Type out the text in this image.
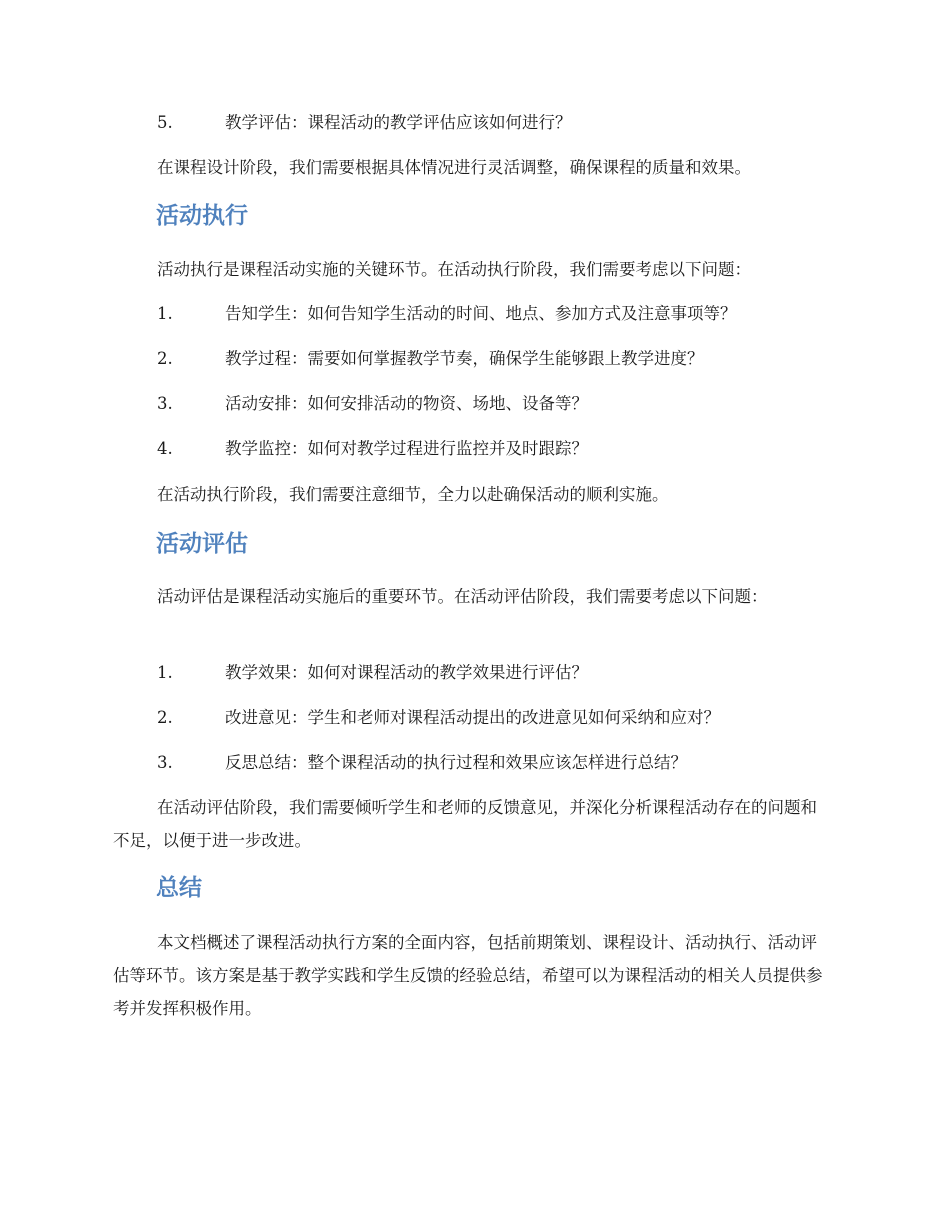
5.	教学评估：课程活动的教学评估应该如何进行？

在课程设计阶段，我们需要根据具体情况进行灵活调整，确保课程的质量和效果。

活动执行

活动执行是课程活动实施的关键环节。在活动执行阶段，我们需要考虑以下问题：

1.	告知学生：如何告知学生活动的时间、地点、参加方式及注意事项等？
2.	教学过程：需要如何掌握教学节奏，确保学生能够跟上教学进度？
3.	活动安排：如何安排活动的物资、场地、设备等？
4.	教学监控：如何对教学过程进行监控并及时跟踪？

在活动执行阶段，我们需要注意细节，全力以赴确保活动的顺利实施。

活动评估

活动评估是课程活动实施后的重要环节。在活动评估阶段，我们需要考虑以下问题：

1.	教学效果：如何对课程活动的教学效果进行评估？
2.	改进意见：学生和老师对课程活动提出的改进意见如何采纳和应对？
3.	反思总结：整个课程活动的执行过程和效果应该怎样进行总结？

在活动评估阶段，我们需要倾听学生和老师的反馈意见，并深化分析课程活动存在的问题和不足，以便于进一步改进。

总结

本文档概述了课程活动执行方案的全面内容，包括前期策划、课程设计、活动执行、活动评估等环节。该方案是基于教学实践和学生反馈的经验总结，希望可以为课程活动的相关人员提供参考并发挥积极作用。
